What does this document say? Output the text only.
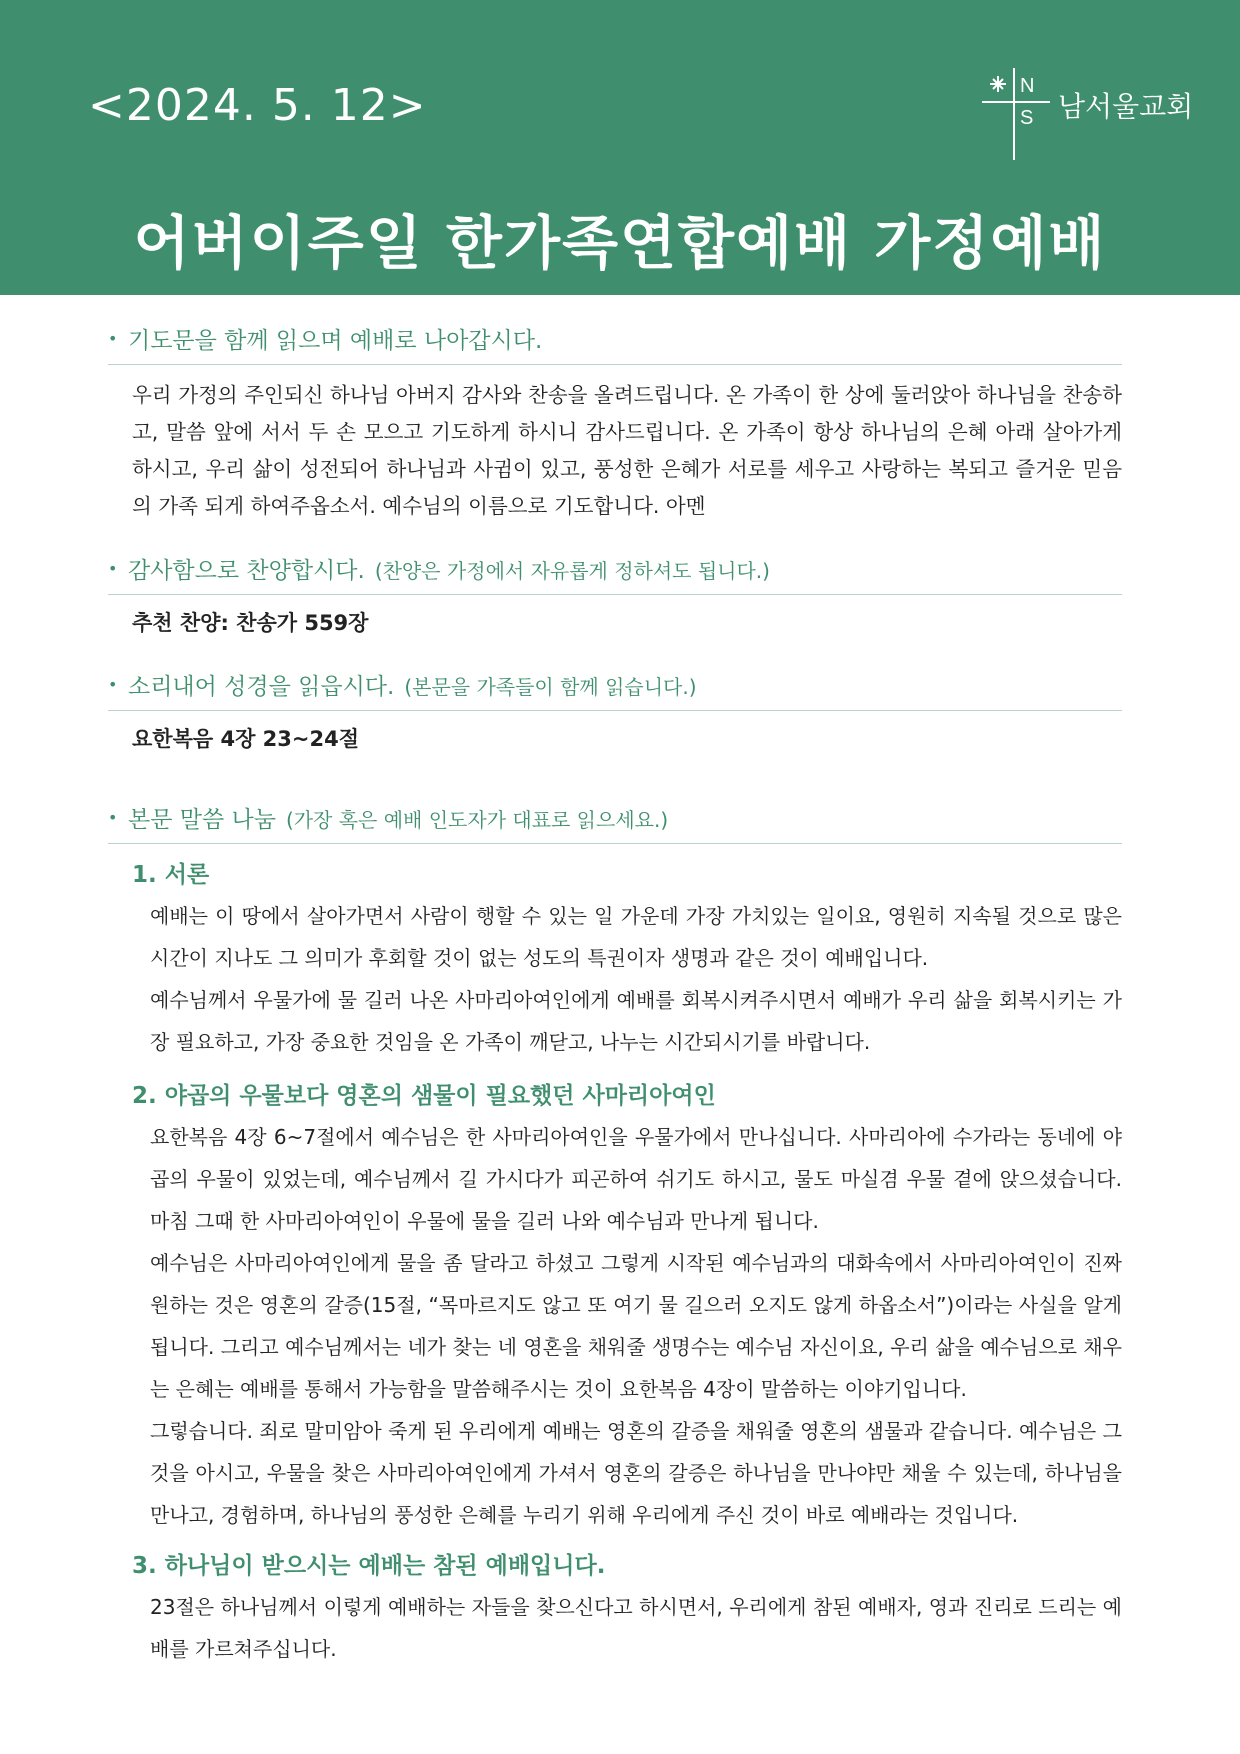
<2024. 5. 12>	N
S 남서울교회
어버이주일 한가족연합예배 가정예배
• 기도문을 함께 읽으며 예배로 나아갑시다.
우리 가정의 주인되신 하나님 아버지 감사와 찬송을 올려드립니다. 온 가족이 한 상에 둘러앉아 하나님을 찬송하고, 말씀 앞에 서서 두 손 모으고 기도하게 하시니 감사드립니다. 온 가족이 항상 하나님의 은혜 아래 살아가게 하시고, 우리 삶이 성전되어 하나님과 사귐이 있고, 풍성한 은혜가 서로를 세우고 사랑하는 복되고 즐거운 믿음의 가족 되게 하여주옵소서. 예수님의 이름으로 기도합니다. 아멘
• 감사함으로 찬양합시다. (찬양은 가정에서 자유롭게 정하셔도 됩니다.)
추천 찬양: 찬송가 559장
• 소리내어 성경을 읽읍시다. (본문을 가족들이 함께 읽습니다.)
요한복음 4장 23~24절
• 본문 말씀 나눔 (가장 혹은 예배 인도자가 대표로 읽으세요.)
1. 서론

예배는 이 땅에서 살아가면서 사람이 행할 수 있는 일 가운데 가장 가치있는 일이요, 영원히 지속될 것으로 많은 시간이 지나도 그 의미가 후회할 것이 없는 성도의 특권이자 생명과 같은 것이 예배입니다.

예수님께서 우물가에 물 길러 나온 사마리아여인에게 예배를 회복시켜주시면서 예배가 우리 삶을 회복시키는 가장 필요하고, 가장 중요한 것임을 온 가족이 깨닫고, 나누는 시간되시기를 바랍니다.

2. 야곱의 우물보다 영혼의 샘물이 필요했던 사마리아여인

요한복음 4장 6~7절에서 예수님은 한 사마리아여인을 우물가에서 만나십니다. 사마리아에 수가라는 동네에 야곱의 우물이 있었는데, 예수님께서 길 가시다가 피곤하여 쉬기도 하시고, 물도 마실겸 우물 곁에 앉으셨습니다. 마침 그때 한 사마리아여인이 우물에 물을 길러 나와 예수님과 만나게 됩니다.

예수님은 사마리아여인에게 물을 좀 달라고 하셨고 그렇게 시작된 예수님과의 대화속에서 사마리아여인이 진짜 원하는 것은 영혼의 갈증(15절, “목마르지도 않고 또 여기 물 길으러 오지도 않게 하옵소서”)이라는 사실을 알게됩니다. 그리고 예수님께서는 네가 찾는 네 영혼을 채워줄 생명수는 예수님 자신이요, 우리 삶을 예수님으로 채우는 은혜는 예배를 통해서 가능함을 말씀해주시는 것이 요한복음 4장이 말씀하는 이야기입니다.

그렇습니다. 죄로 말미암아 죽게 된 우리에게 예배는 영혼의 갈증을 채워줄 영혼의 샘물과 같습니다. 예수님은 그것을 아시고, 우물을 찾은 사마리아여인에게 가셔서 영혼의 갈증은 하나님을 만나야만 채울 수 있는데, 하나님을 만나고, 경험하며, 하나님의 풍성한 은혜를 누리기 위해 우리에게 주신 것이 바로 예배라는 것입니다.

3. 하나님이 받으시는 예배는 참된 예배입니다.

23절은 하나님께서 이렇게 예배하는 자들을 찾으신다고 하시면서, 우리에게 참된 예배자, 영과 진리로 드리는 예배를 가르쳐주십니다.
